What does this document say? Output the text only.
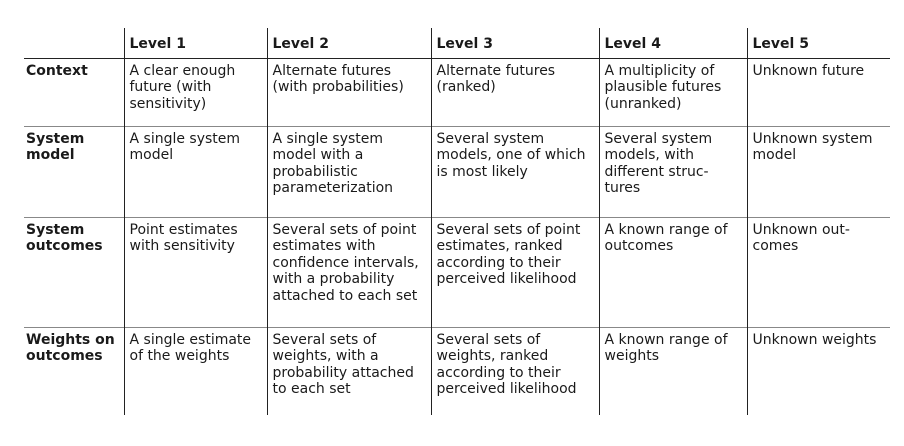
	Level 1	Level 2	Level 3	Level 4	Level 5
Context	A clear enough future (with sensitivity)	Alternate futures (with probabilities)	Alternate futures (ranked)	A multiplicity of plausible futures (unranked)	Unknown future
System model	A single system model	A single system model with a probabilistic parameterization	Several system models, one of which is most likely	Several system models, with different struc-tures	Unknown system model
System outcomes	Point estimates with sensitivity	Several sets of point estimates with confidence intervals, with a probability attached to each set	Several sets of point estimates, ranked according to their perceived likelihood	A known range of outcomes	Unknown out-comes
Weights on outcomes	A single estimate of the weights	Several sets of weights, with a probability attached to each set	Several sets of weights, ranked according to their perceived likelihood	A known range of weights	Unknown weights
